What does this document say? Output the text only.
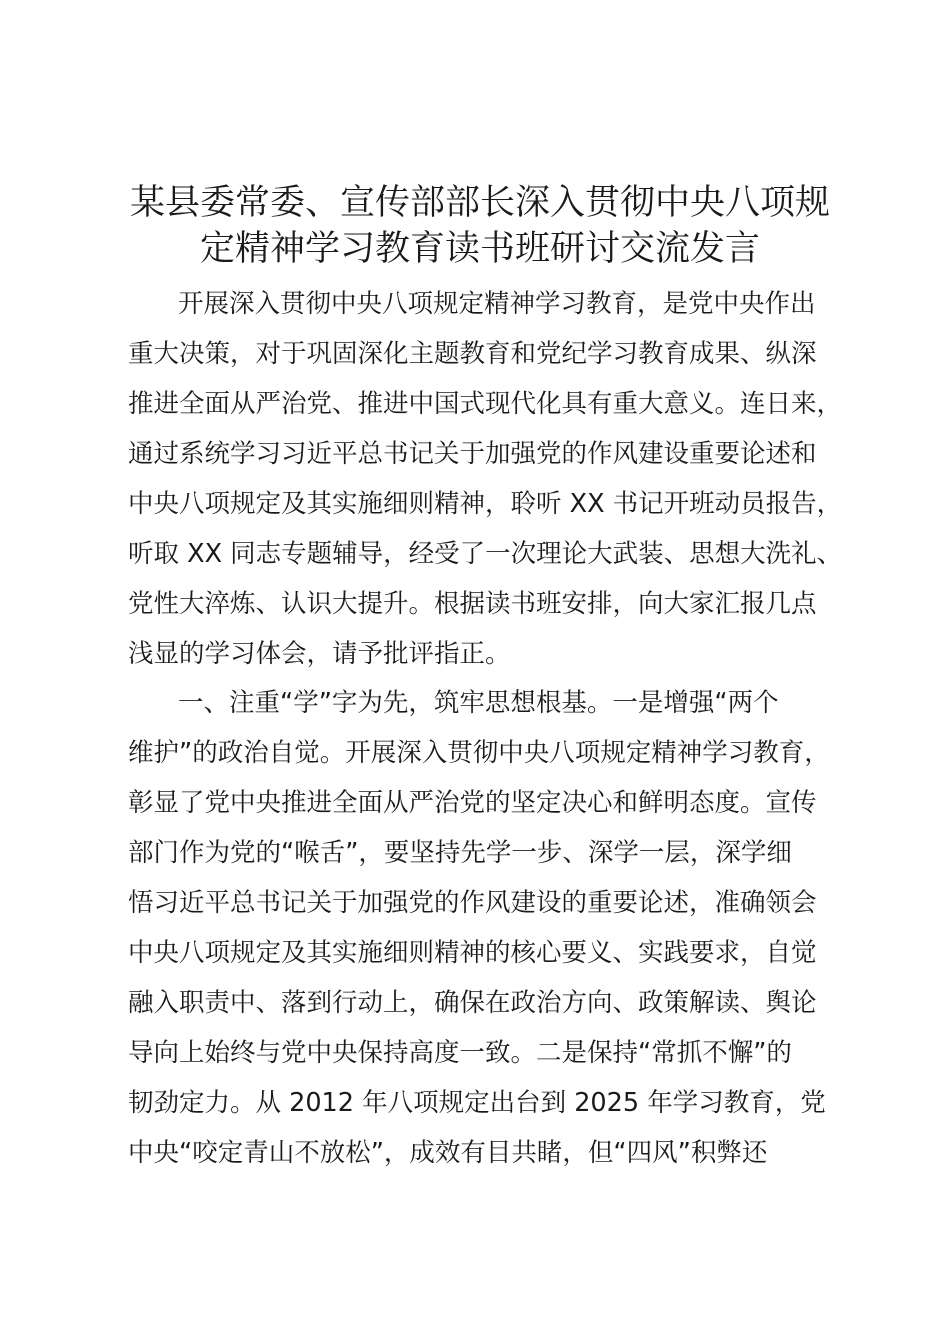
某县委常委、宣传部部长深入贯彻中央八项规
定精神学习教育读书班研讨交流发言
开展深入贯彻中央八项规定精神学习教育，是党中央作出
重大决策，对于巩固深化主题教育和党纪学习教育成果、纵深
推进全面从严治党、推进中国式现代化具有重大意义。连日来，
通过系统学习习近平总书记关于加强党的作风建设重要论述和
中央八项规定及其实施细则精神，聆听 XX 书记开班动员报告，
听取 XX 同志专题辅导，经受了一次理论大武装、思想大洗礼、
党性大淬炼、认识大提升。根据读书班安排，向大家汇报几点
浅显的学习体会，请予批评指正。
一、注重“学”字为先，筑牢思想根基。一是增强“两个
维护”的政治自觉。开展深入贯彻中央八项规定精神学习教育，
彰显了党中央推进全面从严治党的坚定决心和鲜明态度。宣传
部门作为党的“喉舌”，要坚持先学一步、深学一层，深学细
悟习近平总书记关于加强党的作风建设的重要论述，准确领会
中央八项规定及其实施细则精神的核心要义、实践要求，自觉
融入职责中、落到行动上，确保在政治方向、政策解读、舆论
导向上始终与党中央保持高度一致。二是保持“常抓不懈”的
韧劲定力。从 2012 年八项规定出台到 2025 年学习教育，党
中央“咬定青山不放松”，成效有目共睹，但“四风”积弊还
